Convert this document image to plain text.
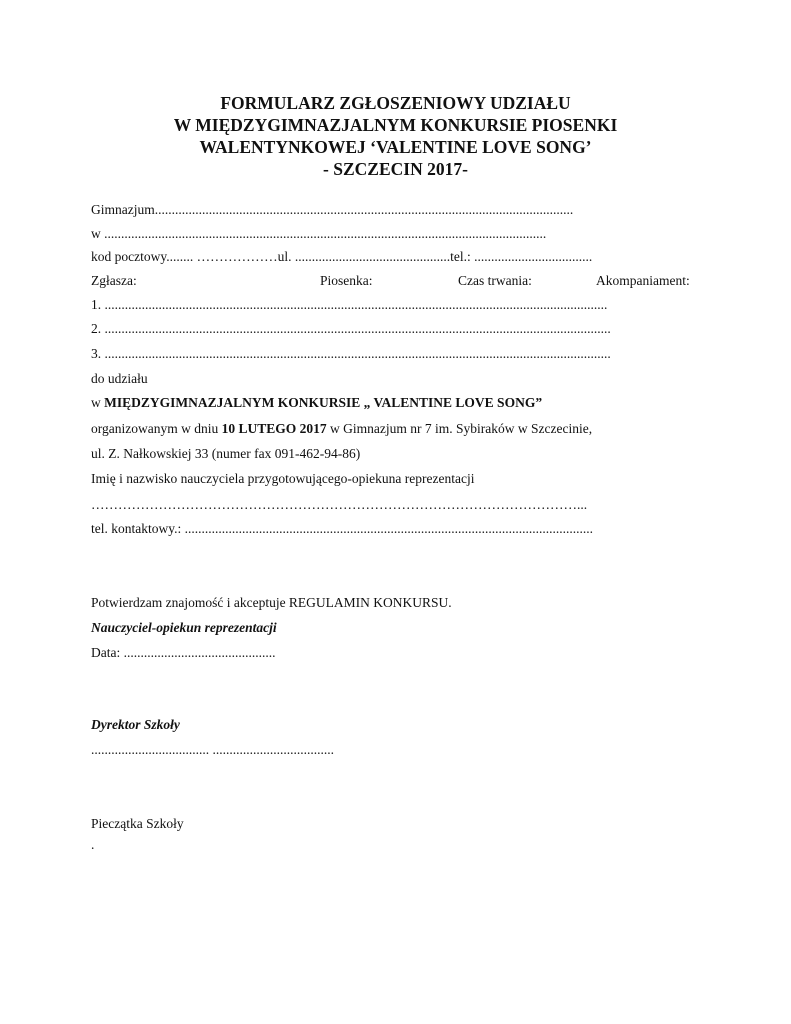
FORMULARZ ZGŁOSZENIOWY UDZIAŁU
W MIĘDZYGIMNAZJALNYM KONKURSIE PIOSENKI
WALENTYNKOWEJ ‘VALENTINE LOVE SONG’
- SZCZECIN 2017-
Gimnazjum............................................................................................................................
w ...................................................................................................................................
kod pocztowy........ ………………ul. ..............................................tel.: ...................................
Zgłasza:	Piosenka:	Czas trwania:	Akompaniament:
1. .....................................................................................................................................................
2. ......................................................................................................................................................
3. ......................................................................................................................................................
do udziału
w MIĘDZYGIMNAZJALNYM KONKURSIE „ VALENTINE LOVE SONG”
organizowanym w dniu 10 LUTEGO 2017 w Gimnazjum nr 7 im. Sybiraków w Szczecinie,
ul. Z. Nałkowskiej 33 (numer fax 091-462-94-86)
Imię i nazwisko nauczyciela przygotowującego-opiekuna reprezentacji
………………………………………………………………………………………………...
tel. kontaktowy.: .........................................................................................................................
Potwierdzam znajomość i akceptuje REGULAMIN KONKURSU.
Nauczyciel-opiekun reprezentacji
Data: .............................................
Dyrektor Szkoły
................................... ....................................
Pieczątka Szkoły
.
